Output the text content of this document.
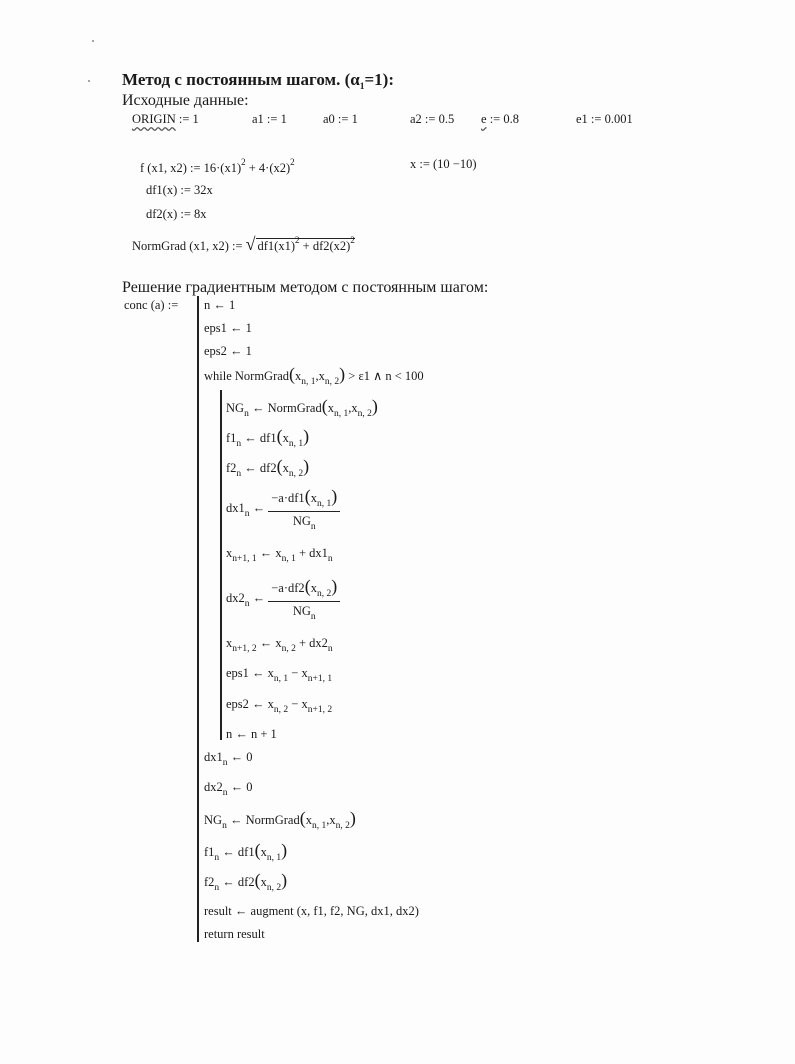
Метод с постоянным шагом. $(\alpha_1=1)$:
Исходные данные:
ORIGIN := 1	a1 := 1	a0 := 1	a2 := 0.5 e := 0.8	e1 := 0.001
f (x1, x2) := $16\cdot(x1)^2 + 4\cdot(x2)^2$	x := (10 −10)
df1(x) := 32x
df2(x) := 8x
NormGrad (x1, x2) := √ $df1(x1)^2 + df2(x2)^2$
Решение градиентным методом с постоянным шагом:
conc (a) := n ← 1
eps1 ← 1
eps2 ← 1
while $NormGrad(x_{n, 1},x_{n, 2}) > \varepsilon 1$ ∧ n < 100
$NG_n$ ← $NormGrad(x_{n, 1},x_{n, 2})$
$f1_n$ ← $df1(x_{n, 1})$
$f2_n$ ← $df2(x_{n, 2})$
$dx1_n$ ← $\frac{-a\cdot df1(x_{n, 1})}{NG_n}$
$x_{n+1, 1}$ ← $x_{n, 1} + dx1_n$
$dx2_n$ ← $\frac{-a\cdot df2(x_{n, 2})}{NG_n}$
$x_{n+1, 2}$ ← $x_{n, 2} + dx2_n$
eps1 ← $x_{n, 1} - x_{n+1, 1}$
eps2 ← $x_{n, 2} - x_{n+1, 2}$
n ← n + 1
$dx1_n$ ← 0
$dx2_n$ ← 0
$NG_n$ ← $NormGrad(x_{n, 1},x_{n, 2})$
$f1_n$ ← $df1(x_{n, 1})$
$f2_n$ ← $df2(x_{n, 2})$
result ← augment (x, f1, f2, NG, dx1, dx2)
return result
